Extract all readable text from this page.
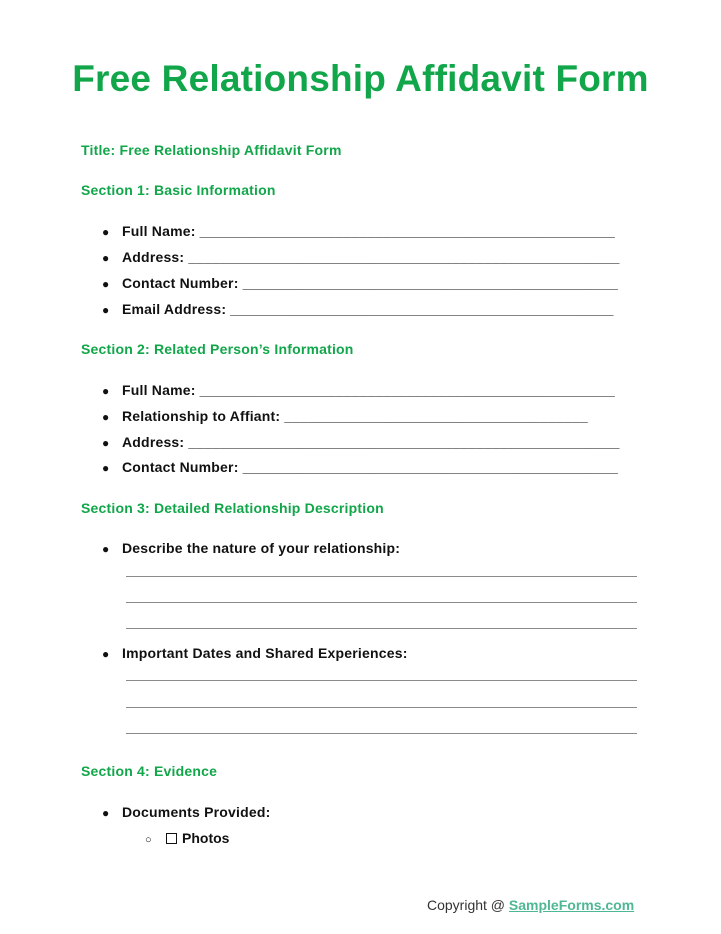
Free Relationship Affidavit Form
Title: Free Relationship Affidavit Form
Section 1: Basic Information
● Full Name: ____________________________________________________
● Address: ______________________________________________________
● Contact Number: _______________________________________________
● Email Address: ________________________________________________
Section 2: Related Person’s Information
● Full Name: ____________________________________________________
● Relationship to Affiant: ______________________________________
● Address: ______________________________________________________
● Contact Number: _______________________________________________
Section 3: Detailed Relationship Description
● Describe the nature of your relationship:
● Important Dates and Shared Experiences:
Section 4: Evidence
● Documents Provided:
○ Photos
Copyright @ SampleForms.com
